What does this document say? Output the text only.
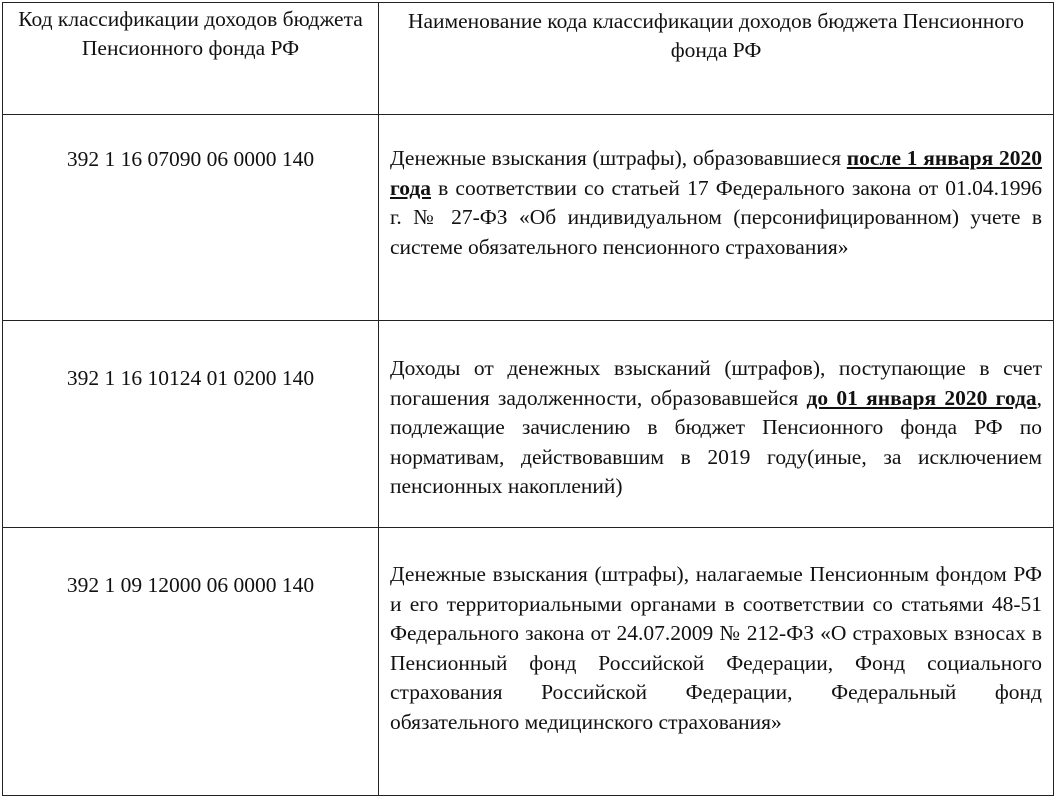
Код классификации доходов бюджета Пенсионного фонда РФ	Наименование кода классификации доходов бюджета Пенсионного фонда РФ

392 1 16 07090 06 0000 140	Денежные взыскания (штрафы), образовавшиеся после 1 января 2020 года в соответствии со статьей 17 Федерального закона от 01.04.1996 г. № 27-ФЗ «Об индивидуальном (персонифицированном) учете в системе обязательного пенсионного страхования»

392 1 16 10124 01 0200 140	Доходы от денежных взысканий (штрафов), поступающие в счет погашения задолженности, образовавшейся до 01 января 2020 года, подлежащие зачислению в бюджет Пенсионного фонда РФ по нормативам, действовавшим в 2019 году(иные, за исключением пенсионных накоплений)

392 1 09 12000 06 0000 140	Денежные взыскания (штрафы), налагаемые Пенсионным фондом РФ и его территориальными органами в соответствии со статьями 48-51 Федерального закона от 24.07.2009 № 212-ФЗ «О страховых взносах в Пенсионный фонд Российской Федерации, Фонд социального страхования Российской Федерации, Федеральный фонд обязательного медицинского страхования»
